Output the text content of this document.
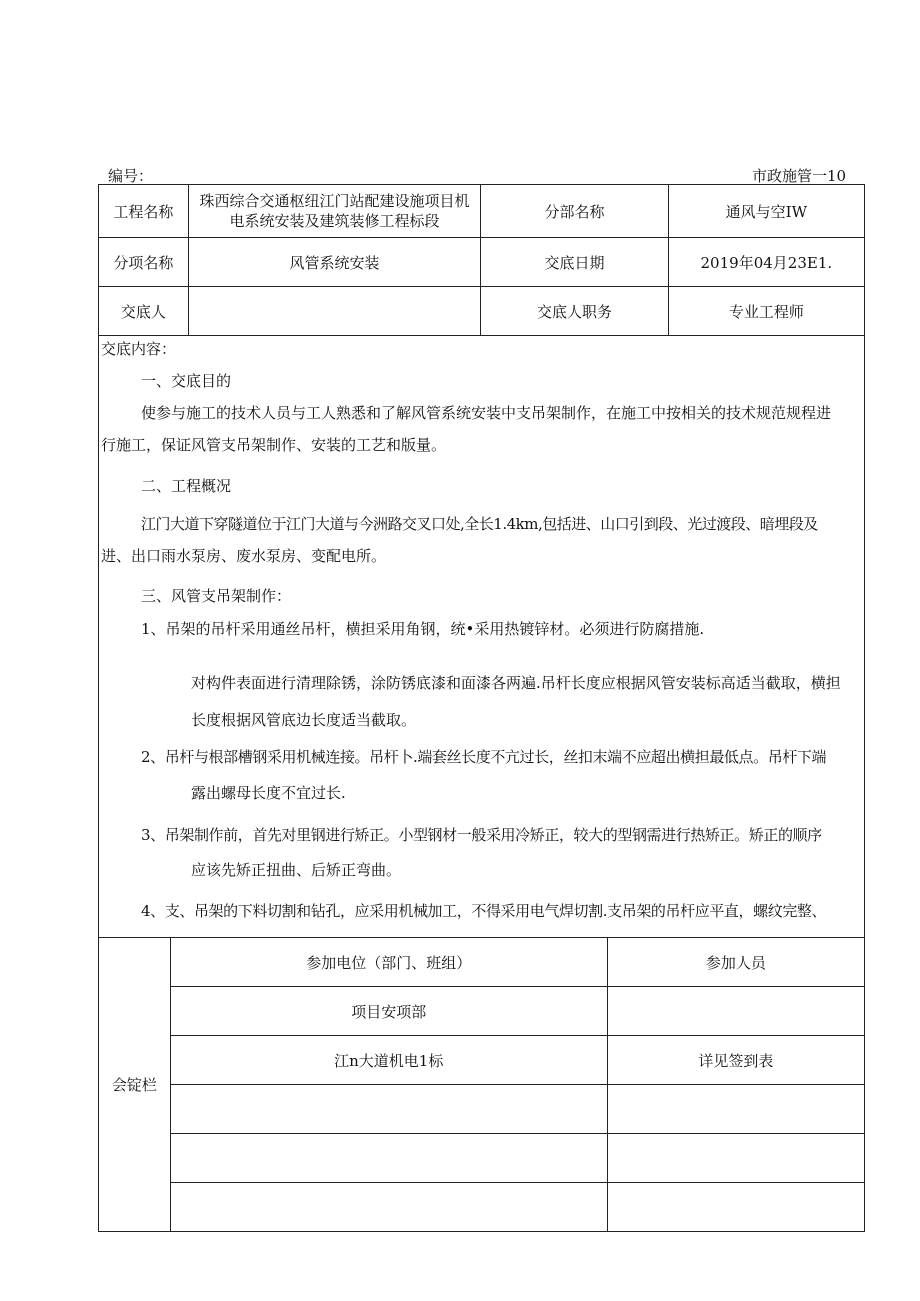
编号：	市政施管一10
工程名称	珠西综合交通枢纽江门站配建设施项目机
电系统安装及建筑装修工程标段	分部名称	通风与空IW
分项名称	风管系统安装	交底日期	2019年04月23E1.
交底人		交底人职务	专业工程师
交底内容：
一、交底目的
使参与施工的技术人员与工人熟悉和了解风管系统安装中支吊架制作，在施工中按相关的技术规范规程进
行施工，保证风管支吊架制作、安装的工艺和版量。
二、工程概况
江门大道下穿隧道位于江门大道与今洲路交叉口处,全长1.4km,包括进、山口引到段、光过渡段、暗埋段及
进、出口雨水泵房、废水泵房、变配电所。
三、风管支吊架制作：
1、吊架的吊杆采用通丝吊杆，横担采用角钢，统•采用热镀锌材。必须进行防腐措施.
对构件表面进行清理除锈，涂防锈底漆和面漆各两遍.吊杆长度应根据风管安装标高适当截取，横担
长度根据风管底边长度适当截取。
2、吊杆与根部槽钢采用机械连接。吊杆卜.端套丝长度不亢过长，丝扣末端不应超出横担最低点。吊杆下端
露出螺母长度不宜过长.
3、吊架制作前，首先对里钢进行矫正。小型钢材一般采用冷矫正，较大的型钢需进行热矫正。矫正的顺序
应该先矫正扭曲、后矫正弯曲。
4、支、吊架的下料切割和钻孔，应采用机械加工，不得采用电气焊切割.支吊架的吊杆应平直，螺纹完整、
会锭栏	参加电位（部门、班组）	参加人员
	项目安项部	
	江n大道机电1标	详见签到表
